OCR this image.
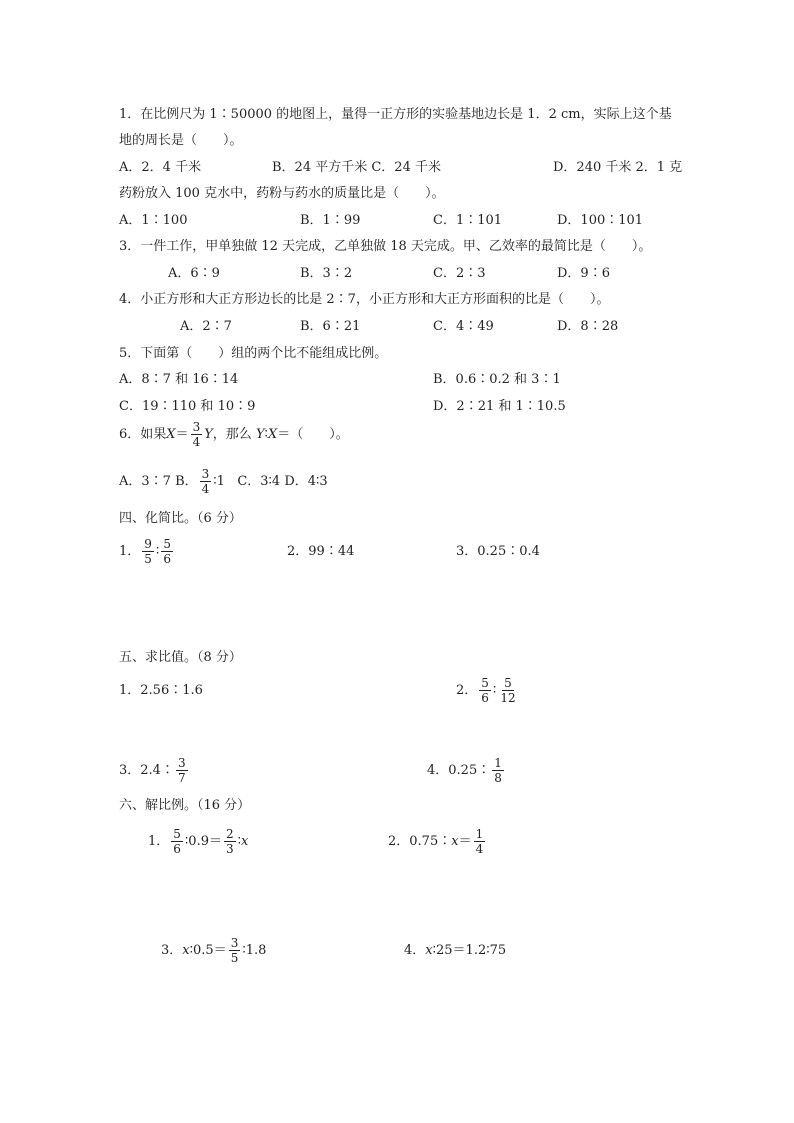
1．在比例尺为 1∶50000 的地图上，量得一正方形的实验基地边长是 1．2 cm，实际上这个基
地的周长是（　　）。
A．2．4 千米	B．24 平方千米 C．24 千米	D．240 千米 2．1 克
药粉放入 100 克水中，药粉与药水的质量比是（　　）。
A．1∶100	B．1∶99	C．1∶101	D．100∶101
3．一件工作，甲单独做 12 天完成，乙单独做 18 天完成。甲、乙效率的最简比是（　　）。
A．6∶9	B．3∶2	C．2∶3	D．9∶6
4．小正方形和大正方形边长的比是 2∶7，小正方形和大正方形面积的比是（　　）。
A．2∶7	B．6∶21	C．4∶49	D．8∶28
5．下面第（　　）组的两个比不能组成比例。
A．8∶7 和 16∶14	B．0.6∶0.2 和 3∶1
C．19∶110 和 10∶9	D．2∶21 和 1∶10.5
6．如果$X= \frac{3}{4}$ Y，那么 Y∶X＝（　　）。
A．3∶7 B． $\frac{3}{4}$ ∶1 C．3∶4 D．4∶3
四、化简比。（6 分）
1． $\frac{9}{5}$ ∶ $\frac{5}{6}$	2．99∶44	3．0.25∶0.4
五、求比值。（8 分）
1．2.56∶1.6	2． $\frac{5}{6}$ ∶ $\frac{5}{12}$
3．2.4∶ $\frac{3}{7}$	4．0.25∶ $\frac{1}{8}$
六、解比例。（16 分）
1． $\frac{5}{6}$ ∶0.9＝ $\frac{2}{3}$ ∶x	2．0.75∶x＝ $\frac{1}{4}$
3．x∶0.5＝ $\frac{3}{5}$ ∶1.8	4．x∶25＝1.2∶75
